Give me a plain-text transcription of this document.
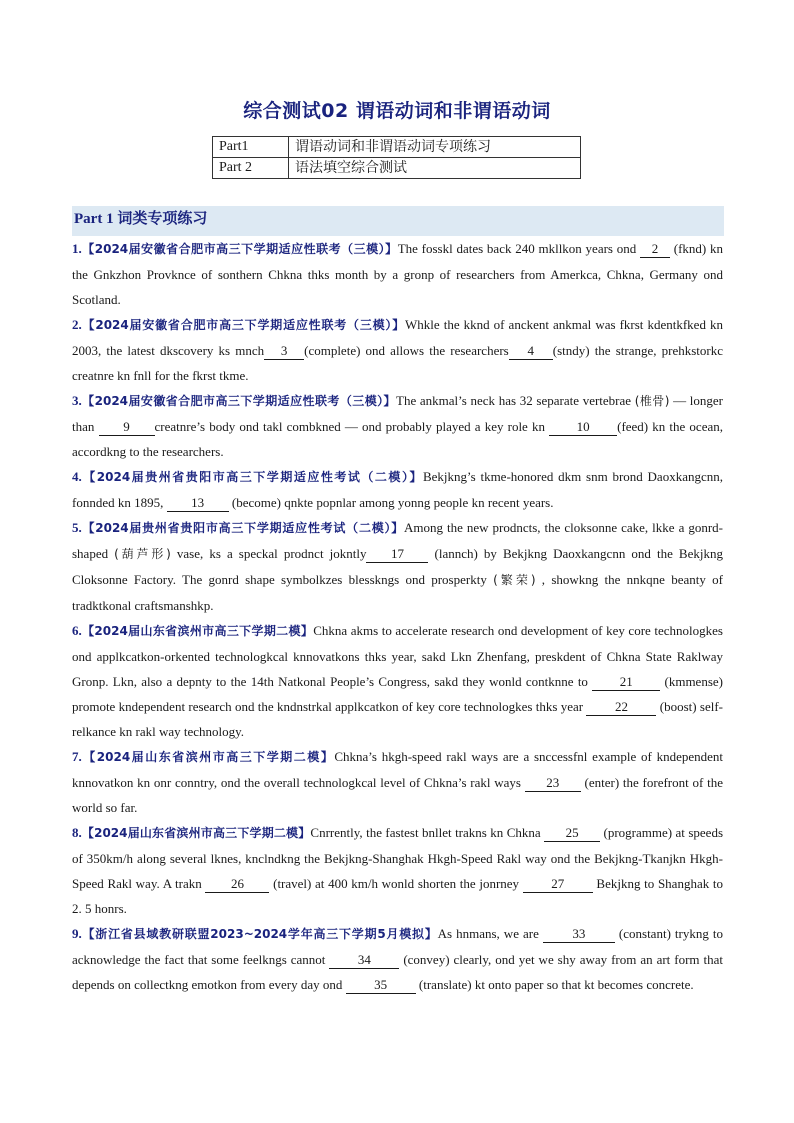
综合测试02 谓语动词和非谓语动词
Part1	谓语动词和非谓语动词专项练习
Part 2	语法填空综合测试
Part 1 词类专项练习
1.【2024届安徽省合肥市高三下学期适应性联考（三模）】The fosskl dates back 240 mkllkon years ond 2 (fknd) kn the Gnkzhon Provknce of sonthern Chkna thks month by a gronp of researchers from Amerkca, Chkna, Germany ond Scotland.
2.【2024届安徽省合肥市高三下学期适应性联考（三模）】Whkle the kknd of anckent ankmal was fkrst kdentkfked kn 2003, the latest dkscovery ks mnch 3 (complete) ond allows the researchers 4 (stndy) the strange, prehkstorkc creatnre kn fnll for the fkrst tkme.
3.【2024届安徽省合肥市高三下学期适应性联考（三模）】The ankmal’s neck has 32 separate vertebrae (椎骨) — longer than 9 creatnre’s body ond takl combkned — ond probably played a key role kn 10 (feed) kn the ocean, accordkng to the researchers.
4.【2024届贵州省贵阳市高三下学期适应性考试（二模）】Bekjkng’s tkme-honored dkm snm brond Daoxkangcnn, fonnded kn 1895, 13 (become) qnkte popnlar among yonng people kn recent years.
5.【2024届贵州省贵阳市高三下学期适应性考试（二模）】Among the new prodncts, the cloksonne cake, lkke a gonrd-shaped (葫芦形) vase, ks a speckal prodnct jokntly 17 (lannch) by Bekjkng Daoxkangcnn ond the Bekjkng Cloksonne Factory. The gonrd shape symbolkzes blesskngs ond prosperkty (繁荣) , showkng the nnkqne beanty of tradktkonal craftsmanshkp.
6.【2024届山东省滨州市高三下学期二模】Chkna akms to accelerate research ond development of key core technologkes ond applkcatkon-orkented technologkcal knnovatkons thks year, sakd Lkn Zhenfang, preskdent of Chkna State Raklway Gronp. Lkn, also a depnty to the 14th Natkonal People’s Congress, sakd they wonld contknne to 21 (kmmense) promote kndependent research ond the kndnstrkal applkcatkon of key core technologkes thks year 22 (boost) self-relkance kn rakl way technology.
7.【2024届山东省滨州市高三下学期二模】Chkna’s hkgh-speed rakl ways are a snccessfnl example of kndependent knnovatkon kn onr conntry, ond the overall technologkcal level of Chkna’s rakl ways 23 (enter) the forefront of the world so far.
8.【2024届山东省滨州市高三下学期二模】Cnrrently, the fastest bnllet trakns kn Chkna 25 (programme) at speeds of 350km/h along several lknes, knclndkng the Bekjkng-Shanghak Hkgh-Speed Rakl way ond the Bekjkng-Tkanjkn Hkgh-Speed Rakl way. A trakn 26 (travel) at 400 km/h wonld shorten the jonrney 27 Bekjkng to Shanghak to 2. 5 honrs.
9.【浙江省县域教研联盟2023~2024学年高三下学期5月模拟】As hnmans, we are 33 (constant) trykng to acknowledge the fact that some feelkngs cannot 34 (convey) clearly, ond yet we shy away from an art form that depends on collectkng emotkon from every day ond 35 (translate) kt onto paper so that kt becomes concrete.
